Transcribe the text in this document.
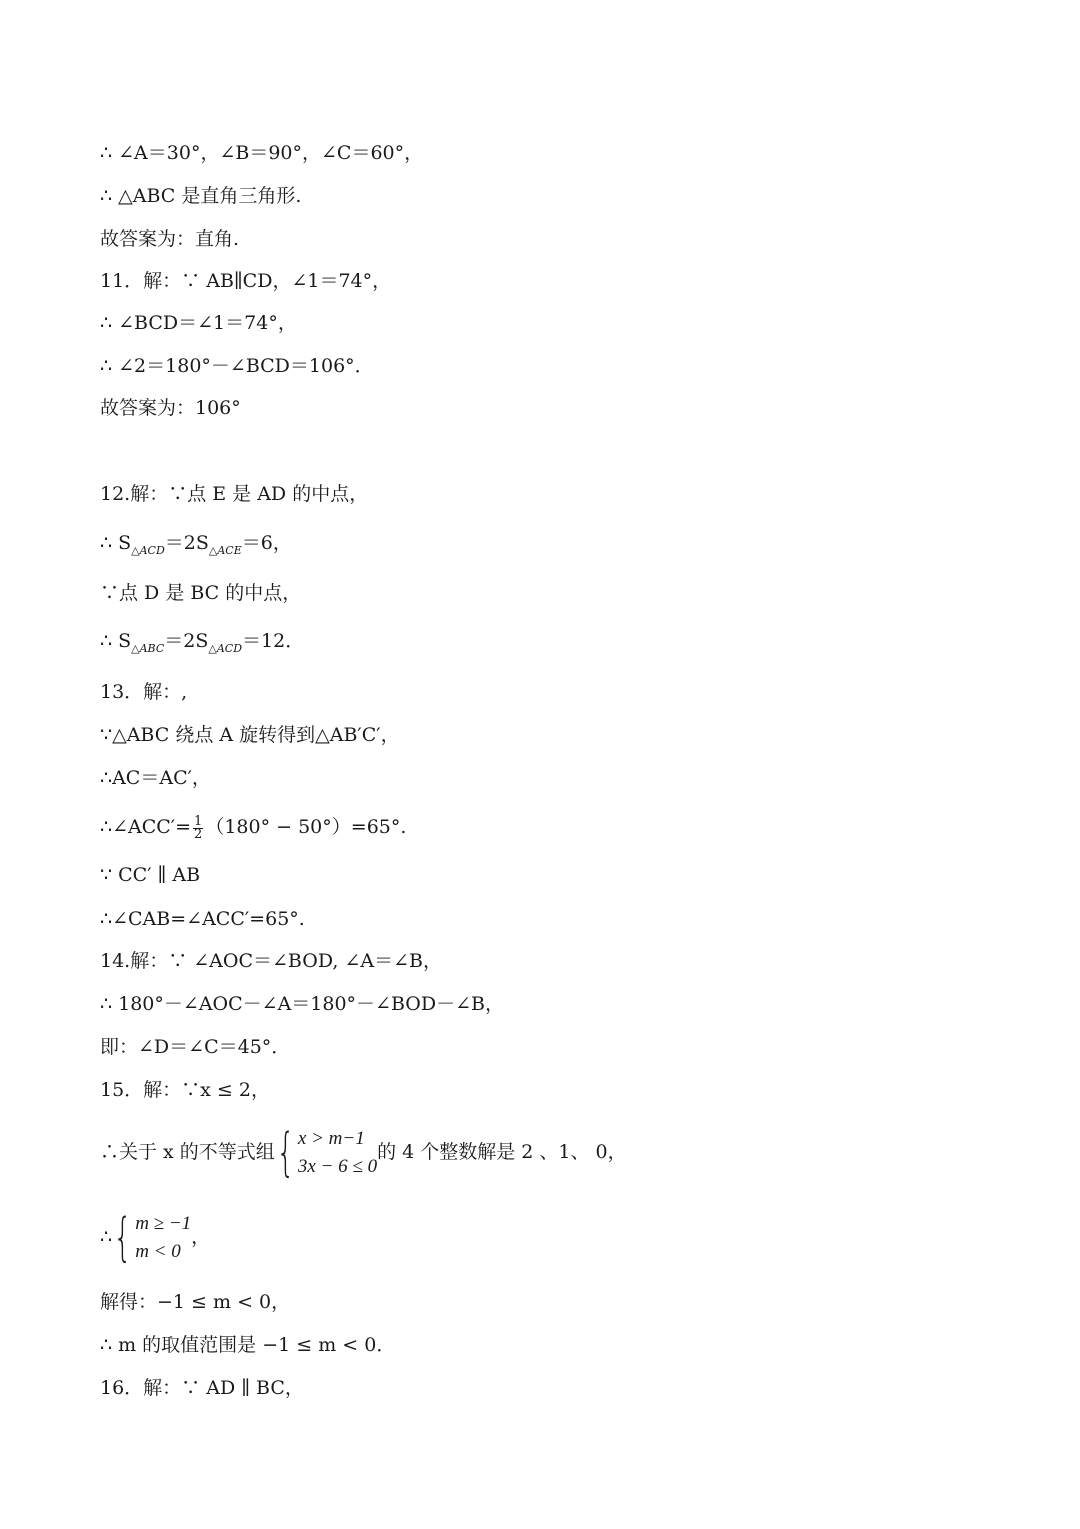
∴ ∠A＝30°，∠B＝90°，∠C＝60°，
∴ △ABC 是直角三角形.
故答案为：直角.
11．解：∵ AB∥CD，∠1＝74°，
∴ ∠BCD＝∠1＝74°，
∴ ∠2＝180°－∠BCD＝106°．
故答案为：106°
12.解：∵点 E 是 AD 的中点，
∴ $S_{\triangle ACD}=2S_{\triangle ACE}=6$，
∵点 D 是 BC 的中点，
∴ $S_{\triangle ABC}=2S_{\triangle ACD}=12$．
13．解：,
∵△ABC 绕点 A 旋转得到△AB′C′，
∴AC＝AC′，
∴∠ACC′= $\frac{1}{2} (180^\circ - 50^\circ)=65^\circ$.
∵ CC′ ∥ AB
∴∠CAB=∠ACC′=65°.
14.解：∵ ∠AOC＝∠BOD, ∠A＝∠B，
∴ 180°－∠AOC－∠A＝180°－∠BOD－∠B，
即：∠D＝∠C＝45°．
15．解：∵x ≤ 2，
∴关于 x 的不等式组 { x > m−1
3x − 6 ≤ 0
的 4 个整数解是 2 、1、 0，
∴ { m ≥ −1
m < 0
，
解得：−1 ≤ m < 0，
∴ m 的取值范围是 −1 ≤ m < 0．
16．解：∵ AD ∥ BC，
